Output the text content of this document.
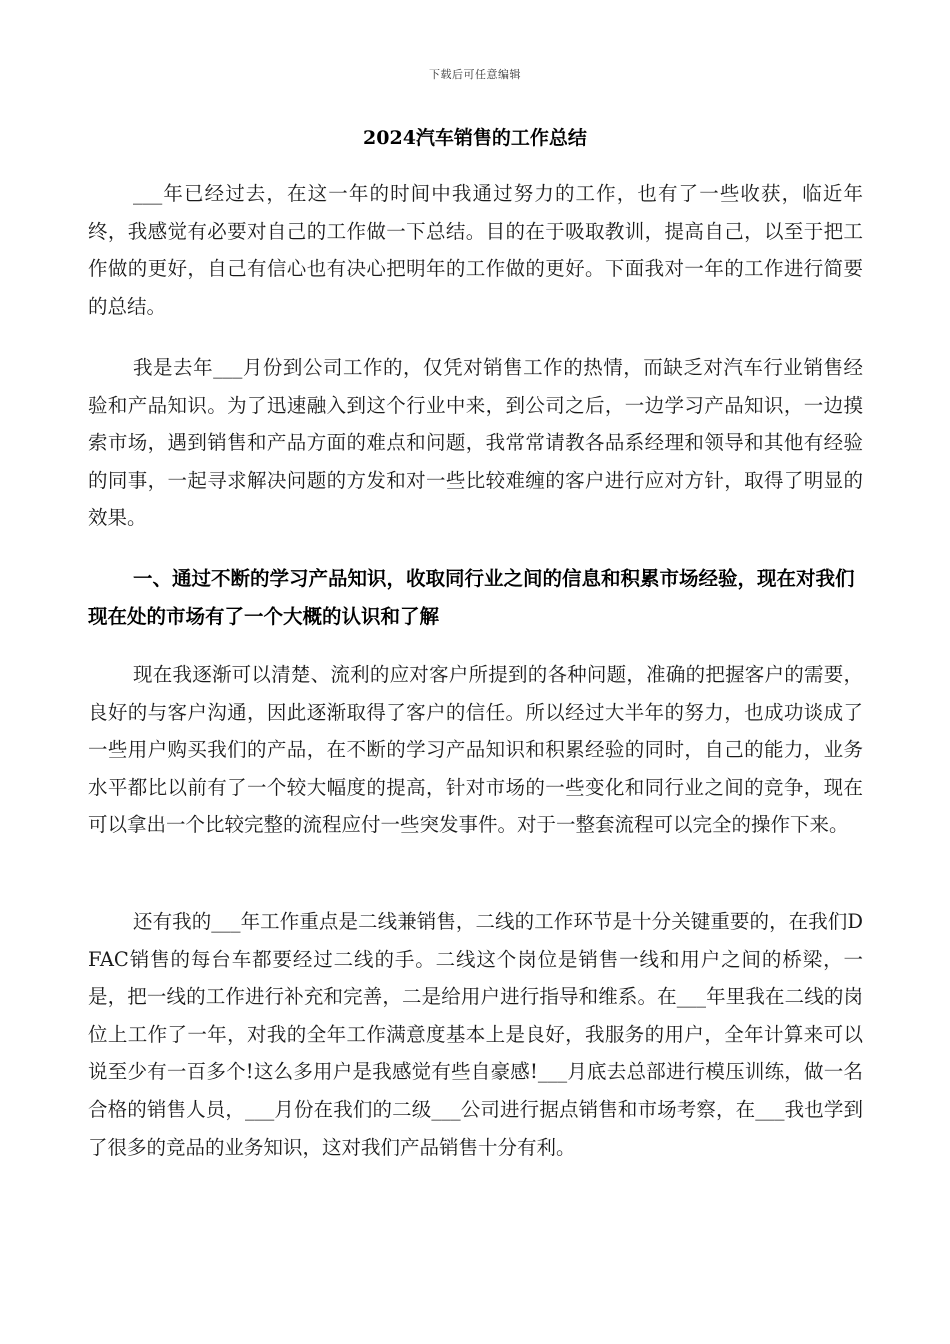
下载后可任意编辑
2024汽车销售的工作总结

___年已经过去，在这一年的时间中我通过努力的工作，也有了一些收获，临近年终，我感觉有必要对自己的工作做一下总结。目的在于吸取教训，提高自己，以至于把工作做的更好，自己有信心也有决心把明年的工作做的更好。下面我对一年的工作进行简要的总结。

我是去年___月份到公司工作的，仅凭对销售工作的热情，而缺乏对汽车行业销售经验和产品知识。为了迅速融入到这个行业中来，到公司之后，一边学习产品知识，一边摸索市场，遇到销售和产品方面的难点和问题，我常常请教各品系经理和领导和其他有经验的同事，一起寻求解决问题的方发和对一些比较难缠的客户进行应对方针，取得了明显的效果。

一、通过不断的学习产品知识，收取同行业之间的信息和积累市场经验，现在对我们现在处的市场有了一个大概的认识和了解

现在我逐渐可以清楚、流利的应对客户所提到的各种问题，准确的把握客户的需要，良好的与客户沟通，因此逐渐取得了客户的信任。所以经过大半年的努力，也成功谈成了一些用户购买我们的产品，在不断的学习产品知识和积累经验的同时，自己的能力，业务水平都比以前有了一个较大幅度的提高，针对市场的一些变化和同行业之间的竞争，现在可以拿出一个比较完整的流程应付一些突发事件。对于一整套流程可以完全的操作下来。

还有我的___年工作重点是二线兼销售，二线的工作环节是十分关键重要的，在我们DFAC销售的每台车都要经过二线的手。二线这个岗位是销售一线和用户之间的桥梁，一是，把一线的工作进行补充和完善，二是给用户进行指导和维系。在___年里我在二线的岗位上工作了一年，对我的全年工作满意度基本上是良好，我服务的用户，全年计算来可以说至少有一百多个!这么多用户是我感觉有些自豪感!___月底去总部进行模压训练，做一名合格的销售人员，___月份在我们的二级___公司进行据点销售和市场考察，在___我也学到了很多的竞品的业务知识，这对我们产品销售十分有利。
